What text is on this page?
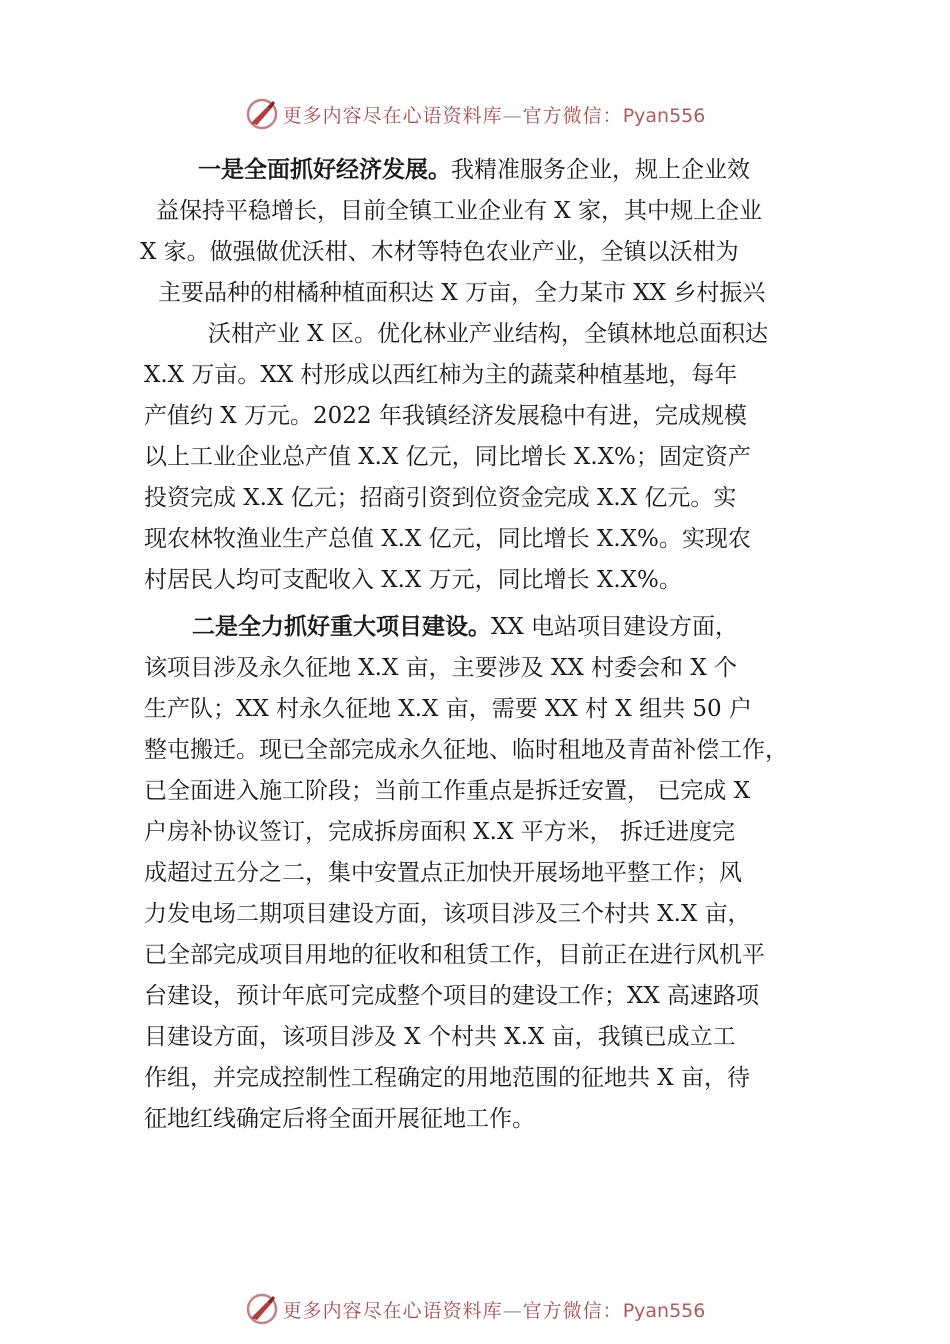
更多内容尽在心语资料库—官方微信：Pyan556
一是全面抓好经济发展。我精准服务企业，规上企业效
益保持平稳增长，目前全镇工业企业有 X 家，其中规上企业
X 家。做强做优沃柑、木材等特色农业产业，全镇以沃柑为
主要品种的柑橘种植面积达 X 万亩，全力某市 XX 乡村振兴
沃柑产业 X 区。优化林业产业结构，全镇林地总面积达
X.X 万亩。XX 村形成以西红柿为主的蔬菜种植基地，每年
产值约 X 万元。2022 年我镇经济发展稳中有进，完成规模
以上工业企业总产值 X.X 亿元，同比增长 X.X%；固定资产
投资完成 X.X 亿元；招商引资到位资金完成 X.X 亿元。实
现农林牧渔业生产总值 X.X 亿元，同比增长 X.X%。实现农
村居民人均可支配收入 X.X 万元，同比增长 X.X%。
二是全力抓好重大项目建设。XX 电站项目建设方面，
该项目涉及永久征地 X.X 亩，主要涉及 XX 村委会和 X 个
生产队；XX 村永久征地 X.X 亩，需要 XX 村 X 组共 50 户
整屯搬迁。现已全部完成永久征地、临时租地及青苗补偿工作，
已全面进入施工阶段；当前工作重点是拆迁安置， 已完成 X
户房补协议签订，完成拆房面积 X.X 平方米， 拆迁进度完
成超过五分之二，集中安置点正加快开展场地平整工作；风
力发电场二期项目建设方面，该项目涉及三个村共 X.X 亩，
已全部完成项目用地的征收和租赁工作，目前正在进行风机平
台建设，预计年底可完成整个项目的建设工作；XX 高速路项
目建设方面，该项目涉及 X 个村共 X.X 亩，我镇已成立工
作组，并完成控制性工程确定的用地范围的征地共 X 亩，待
征地红线确定后将全面开展征地工作。
更多内容尽在心语资料库—官方微信：Pyan556
